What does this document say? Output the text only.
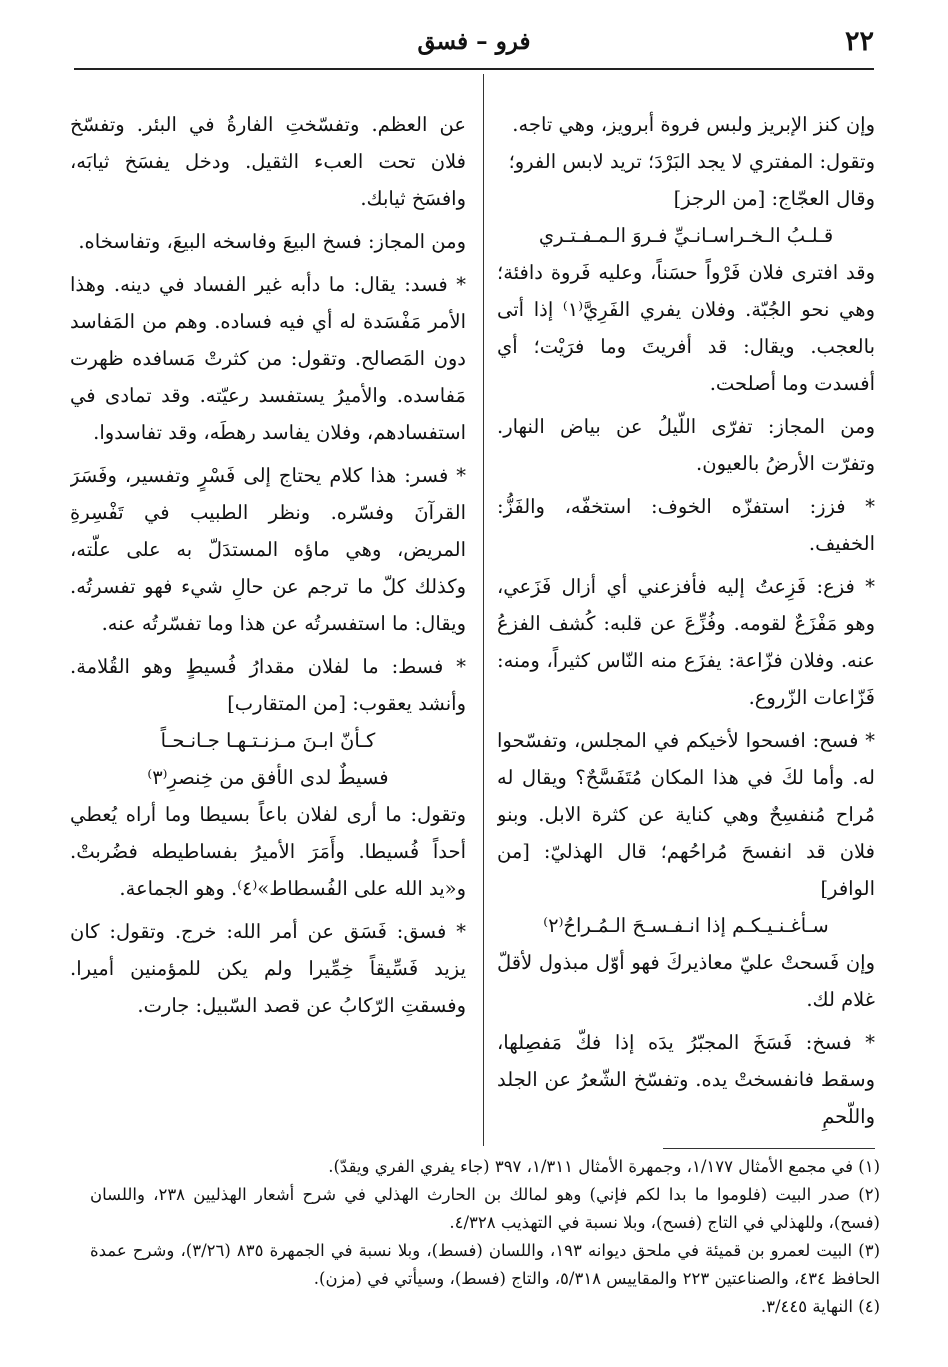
٢٢
فرو – فسق

وإن كنز الإبريز ولبس فروة أبرويز، وهي تاجه.

وتقول: المفتري لا يجد البَرْدَ؛ تريد لابس الفرو؛

وقال العجّاج: [من الرجز]

قـلـبُ الـخـراسـانـيِّ فـروَ الـمـفـتـري

وقد افترى فلان فَرْواً حسَناً، وعليه فَروة دافئة؛ وهي نحو الجُبّة. وفلان يفري الفَرِيَّ⁽١⁾ إذا أتى بالعجب. ويقال: قد أفريتَ وما فرَيْت؛ أي أفسدت وما أصلحت.

ومن المجاز: تفرّى اللّيلُ عن بياض النهار. وتفرّت الأرضُ بالعيون.

* فزز: استفزّه الخوف: استخفّه، والفَزُّ: الخفيف.

* فزع: فَزِعتُ إليه فأفزعني أي أزال فَزَعي، وهو مَفْزَعٌ لقومه. وفُزِّعَ عن قلبه: كُشف الفزعُ عنه. وفلان فزّاعة: يفزَع منه النّاس كثيراً، ومنه: فَزّاعات الزّروع.

* فسح: افسحوا لأخيكم في المجلس، وتفسّحوا له. وأما لكَ في هذا المكان مُتَفَسَّحٌ؟ ويقال له مُراح مُنفسِحٌ وهي كناية عن كثرة الابل. وبنو فلان قد انفسحَ مُراحُهم؛ قال الهذليّ: [من الوافر]

سـأغـنـيـكـم إذا انـفـسـحَ الـمُـراحُ⁽٢⁾

وإن فَسحتْ عليّ معاذيركَ فهو أوّل مبذول لأقلّ غلام لك.

* فسخ: فَسَخَ المجبّرُ يدَه إذا فكّ مَفصِلها، وسقط فانفسختْ يده. وتفسّخ الشّعرُ عن الجلد واللّحمِ

عن العظم. وتفسّختِ الفارةُ في البئر. وتفسّخ فلان تحت العبء الثقيل. ودخل يفسَخ ثيابَه، وافسَخ ثيابك.

ومن المجاز: فسخ البيعَ وفاسخه البيعَ، وتفاسخاه.

* فسد: يقال: ما دأبه غير الفساد في دينه. وهذا الأمر مَفْسَدة له أي فيه فساده. وهم من المَفاسد دون المَصالح. وتقول: من كثرتْ مَسافده ظهرت مَفاسده. والأميرُ يستفسد رعيّته. وقد تمادى في استفسادهم، وفلان يفاسد رهطَه، وقد تفاسدوا.

* فسر: هذا كلام يحتاج إلى فَسْرٍ وتفسير، وفَسَرَ القرآنَ وفسّره. ونظر الطبيب في تَفْسِرةِ المريض، وهي ماؤه المستدَلّ به على علّته، وكذلك كلّ ما ترجم عن حالِ شيء فهو تفسرتُه. ويقال: ما استفسرتُه عن هذا وما تفسّرتُه عنه.

* فسط: ما لفلان مقدارُ فُسيطٍ وهو القُلامة. وأنشد يعقوب: [من المتقارب]

كـأنّ ابـنَ مـزنـتـهـا جـانـحـاً

فسيطٌ لدى الأفق من خِنصرِ⁽٣⁾

وتقول: ما أرى لفلان باعاً بسيطا وما أراه يُعطي أحداً فُسيطا. وأَمَرَ الأميرُ بفساطيطه فضُربتْ. و«يد الله على الفُسطاط»⁽٤⁾. وهو الجماعة.

* فسق: فَسَق عن أمر الله: خرج. وتقول: كان يزيد فَسِّيقاً خِمِّيرا ولم يكن للمؤمنين أميرا. وفسقتِ الرّكابُ عن قصد السّبيل: جارت.

(١) في مجمع الأمثال ١/١٧٧، وجمهرة الأمثال ١/٣١١، ٣٩٧ (جاء يفري الفري ويقدّ).

(٢) صدر البيت (فلوموا ما بدا لكم فإني) وهو لمالك بن الحارث الهذلي في شرح أشعار الهذليين ٢٣٨، واللسان (فسح)، وللهذلي في التاج (فسح)، وبلا نسبة في التهذيب ٤/٣٢٨.

(٣) البيت لعمرو بن قميئة في ملحق ديوانه ١٩٣، واللسان (فسط)، وبلا نسبة في الجمهرة ٨٣٥ (٣/٢٦)، وشرح عمدة الحافظ ٤٣٤، والصناعتين ٢٢٣ والمقاييس ٥/٣١٨، والتاج (فسط)، وسيأتي في (مزن).

(٤) النهاية ٣/٤٤٥.
